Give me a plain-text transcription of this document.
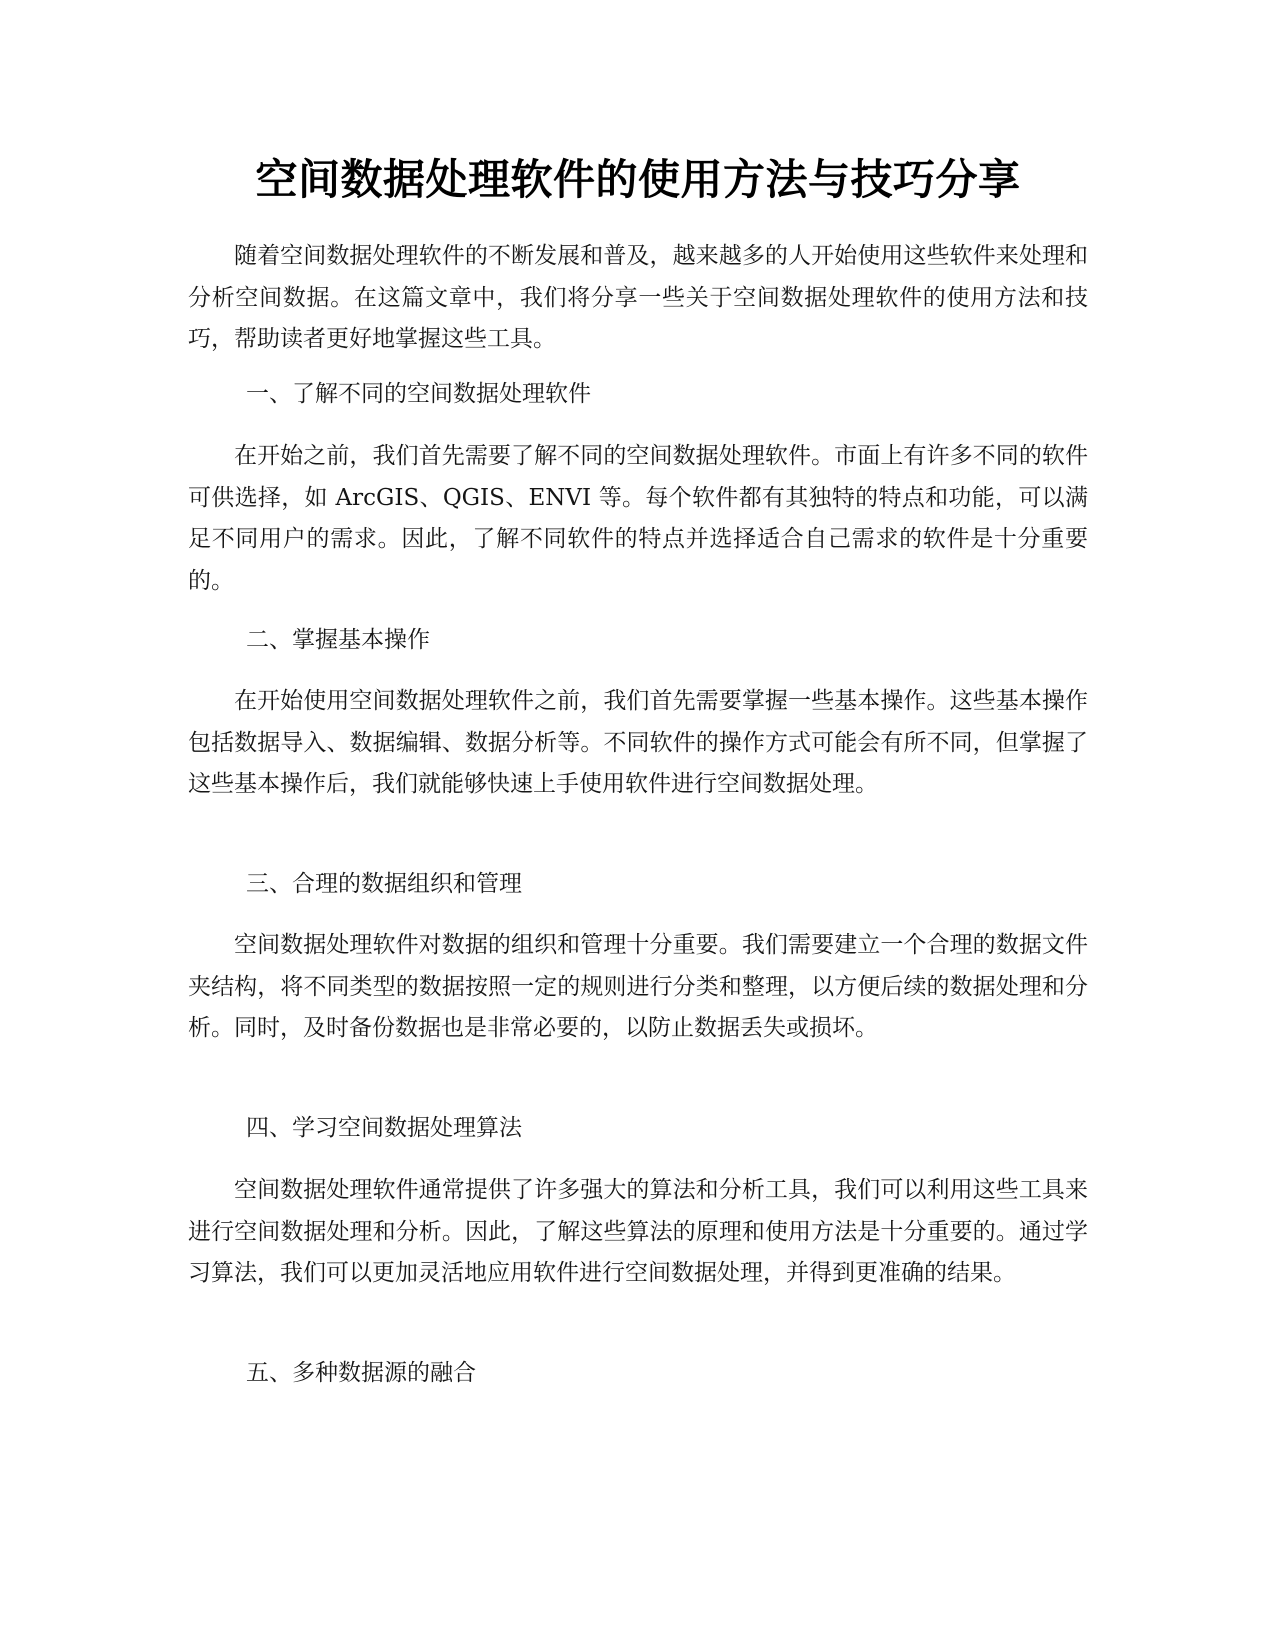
空间数据处理软件的使用方法与技巧分享

随着空间数据处理软件的不断发展和普及，越来越多的人开始使用这些软件来处理和分析空间数据。在这篇文章中，我们将分享一些关于空间数据处理软件的使用方法和技巧，帮助读者更好地掌握这些工具。

一、了解不同的空间数据处理软件

在开始之前，我们首先需要了解不同的空间数据处理软件。市面上有许多不同的软件可供选择，如 ArcGIS、QGIS、ENVI 等。每个软件都有其独特的特点和功能，可以满足不同用户的需求。因此，了解不同软件的特点并选择适合自己需求的软件是十分重要的。

二、掌握基本操作

在开始使用空间数据处理软件之前，我们首先需要掌握一些基本操作。这些基本操作包括数据导入、数据编辑、数据分析等。不同软件的操作方式可能会有所不同，但掌握了这些基本操作后，我们就能够快速上手使用软件进行空间数据处理。

三、合理的数据组织和管理

空间数据处理软件对数据的组织和管理十分重要。我们需要建立一个合理的数据文件夹结构，将不同类型的数据按照一定的规则进行分类和整理，以方便后续的数据处理和分析。同时，及时备份数据也是非常必要的，以防止数据丢失或损坏。

四、学习空间数据处理算法

空间数据处理软件通常提供了许多强大的算法和分析工具，我们可以利用这些工具来进行空间数据处理和分析。因此，了解这些算法的原理和使用方法是十分重要的。通过学习算法，我们可以更加灵活地应用软件进行空间数据处理，并得到更准确的结果。

五、多种数据源的融合
